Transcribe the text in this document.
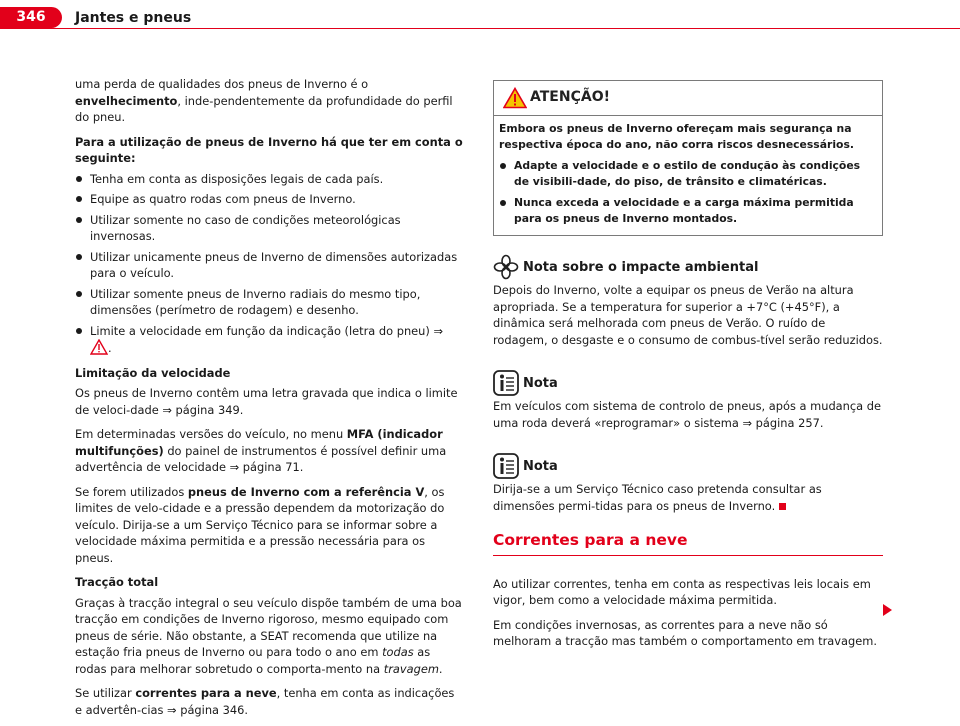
346	Jantes e pneus

uma perda de qualidades dos pneus de Inverno é o envelhecimento, inde-pendentemente da profundidade do perfil do pneu.

Para a utilização de pneus de Inverno há que ter em conta o seguinte:

Tenha em conta as disposições legais de cada país.
Equipe as quatro rodas com pneus de Inverno.
Utilizar somente no caso de condições meteorológicas invernosas.
Utilizar unicamente pneus de Inverno de dimensões autorizadas para o veículo.
Utilizar somente pneus de Inverno radiais do mesmo tipo, dimensões (perímetro de rodagem) e desenho.
Limite a velocidade em função da indicação (letra do pneu) ⇒ .

Limitação da velocidade

Os pneus de Inverno contêm uma letra gravada que indica o limite de veloci-dade ⇒ página 349.

Em determinadas versões do veículo, no menu MFA (indicador multifunções) do painel de instrumentos é possível definir uma advertência de velocidade ⇒ página 71.

Se forem utilizados pneus de Inverno com a referência V, os limites de velo-cidade e a pressão dependem da motorização do veículo. Dirija-se a um Serviço Técnico para se informar sobre a velocidade máxima permitida e a pressão necessária para os pneus.

Tracção total

Graças à tracção integral o seu veículo dispõe também de uma boa tracção em condições de Inverno rigoroso, mesmo equipado com pneus de série. Não obstante, a SEAT recomenda que utilize na estação fria pneus de Inverno ou para todo o ano em todas as rodas para melhorar sobretudo o comporta-mento na travagem.

Se utilizar correntes para a neve, tenha em conta as indicações e advertên-cias ⇒ página 346.

ATENÇÃO!

Embora os pneus de Inverno ofereçam mais segurança na respectiva época do ano, não corra riscos desnecessários.

Adapte a velocidade e o estilo de condução às condições de visibili-dade, do piso, de trânsito e climatéricas.
Nunca exceda a velocidade e a carga máxima permitida para os pneus de Inverno montados.
Nota sobre o impacte ambiental

Depois do Inverno, volte a equipar os pneus de Verão na altura apropriada. Se a temperatura for superior a +7°C (+45°F), a dinâmica será melhorada com pneus de Verão. O ruído de rodagem, o desgaste e o consumo de combus-tível serão reduzidos.

Nota

Em veículos com sistema de controlo de pneus, após a mudança de uma roda deverá «reprogramar» o sistema ⇒ página 257.

Nota

Dirija-se a um Serviço Técnico caso pretenda consultar as dimensões permi-tidas para os pneus de Inverno.

Correntes para a neve

Ao utilizar correntes, tenha em conta as respectivas leis locais em vigor, bem como a velocidade máxima permitida.

Em condições invernosas, as correntes para a neve não só melhoram a tracção mas também o comportamento em travagem.
